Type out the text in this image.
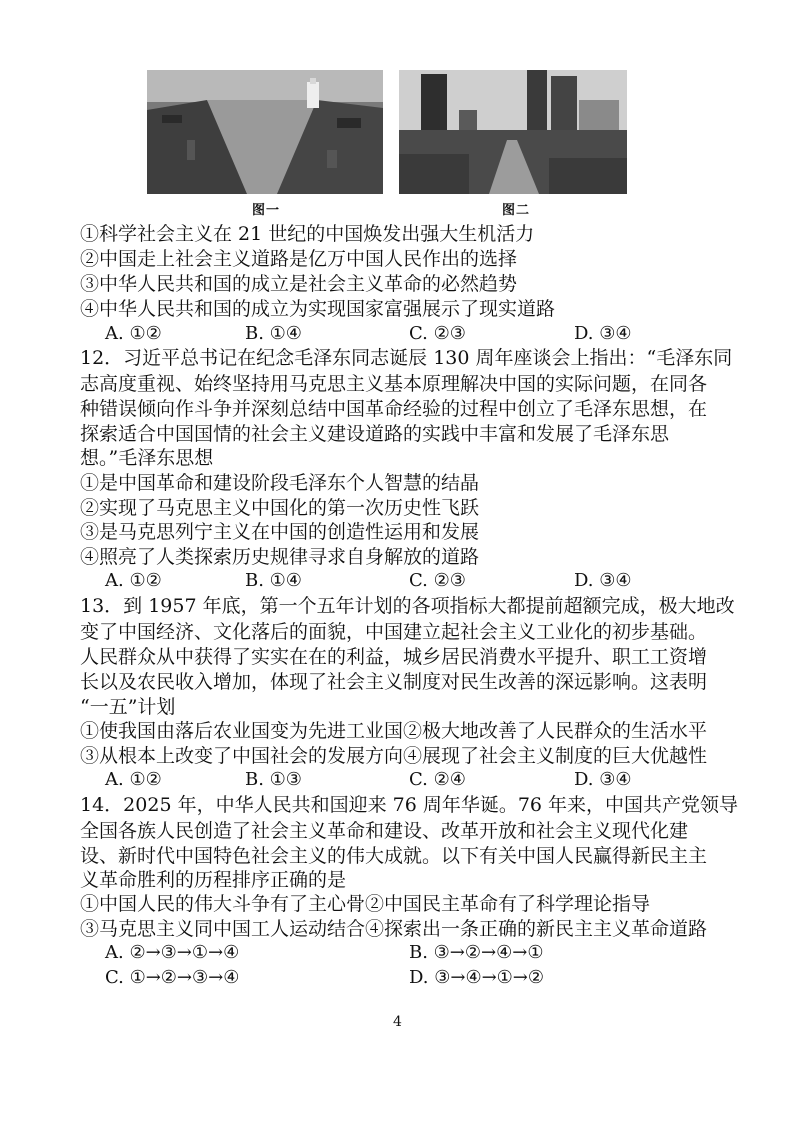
图一	图二
①科学社会主义在 21 世纪的中国焕发出强大生机活力
②中国走上社会主义道路是亿万中国人民作出的选择
③中华人民共和国的成立是社会主义革命的必然趋势
④中华人民共和国的成立为实现国家富强展示了现实道路
A. ①②	B. ①④	C. ②③	D. ③④
12．习近平总书记在纪念毛泽东同志诞辰 130 周年座谈会上指出：“毛泽东同
志高度重视、始终坚持用马克思主义基本原理解决中国的实际问题，在同各
种错误倾向作斗争并深刻总结中国革命经验的过程中创立了毛泽东思想，在
探索适合中国国情的社会主义建设道路的实践中丰富和发展了毛泽东思
想。”毛泽东思想
①是中国革命和建设阶段毛泽东个人智慧的结晶
②实现了马克思主义中国化的第一次历史性飞跃
③是马克思列宁主义在中国的创造性运用和发展
④照亮了人类探索历史规律寻求自身解放的道路
A. ①②	B. ①④	C. ②③	D. ③④
13．到 1957 年底，第一个五年计划的各项指标大都提前超额完成，极大地改
变了中国经济、文化落后的面貌，中国建立起社会主义工业化的初步基础。
人民群众从中获得了实实在在的利益，城乡居民消费水平提升、职工工资增
长以及农民收入增加，体现了社会主义制度对民生改善的深远影响。这表明
“一五”计划
①使我国由落后农业国变为先进工业国②极大地改善了人民群众的生活水平
③从根本上改变了中国社会的发展方向④展现了社会主义制度的巨大优越性
A. ①②	B. ①③	C. ②④	D. ③④
14．2025 年，中华人民共和国迎来 76 周年华诞。76 年来，中国共产党领导
全国各族人民创造了社会主义革命和建设、改革开放和社会主义现代化建
设、新时代中国特色社会主义的伟大成就。以下有关中国人民赢得新民主主
义革命胜利的历程排序正确的是
①中国人民的伟大斗争有了主心骨②中国民主革命有了科学理论指导
③马克思主义同中国工人运动结合④探索出一条正确的新民主主义革命道路
A. ②→③→①→④	B. ③→②→④→①
C. ①→②→③→④	D. ③→④→①→②
4
